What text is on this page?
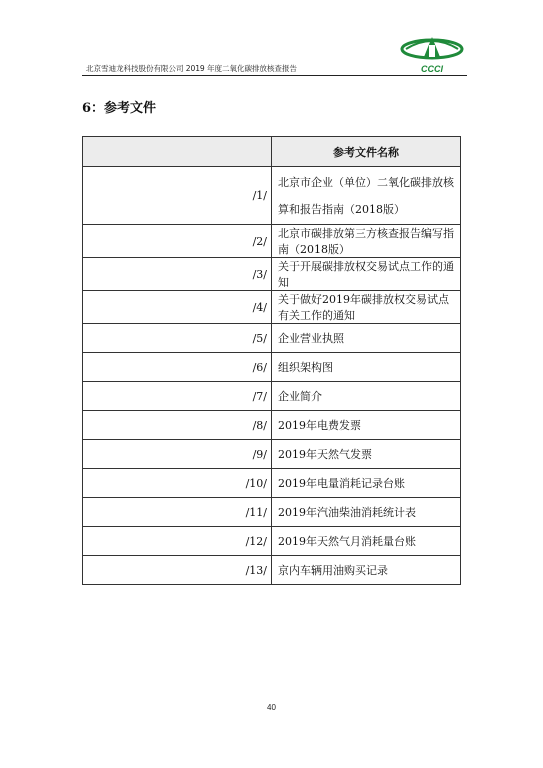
北京雪迪龙科技股份有限公司 2019 年度二氧化碳排放核查报告	CCCI
6：参考文件
	参考文件名称
/1/	北京市企业（单位）二氧化碳排放核算和报告指南（2018版）
/2/	北京市碳排放第三方核查报告编写指南（2018版）
/3/	关于开展碳排放权交易试点工作的通知
/4/	关于做好2019年碳排放权交易试点有关工作的通知
/5/	企业营业执照
/6/	组织架构图
/7/	企业简介
/8/	2019年电费发票
/9/	2019年天然气发票
/10/	2019年电量消耗记录台账
/11/	2019年汽油柴油消耗统计表
/12/	2019年天然气月消耗量台账
/13/	京内车辆用油购买记录
40
